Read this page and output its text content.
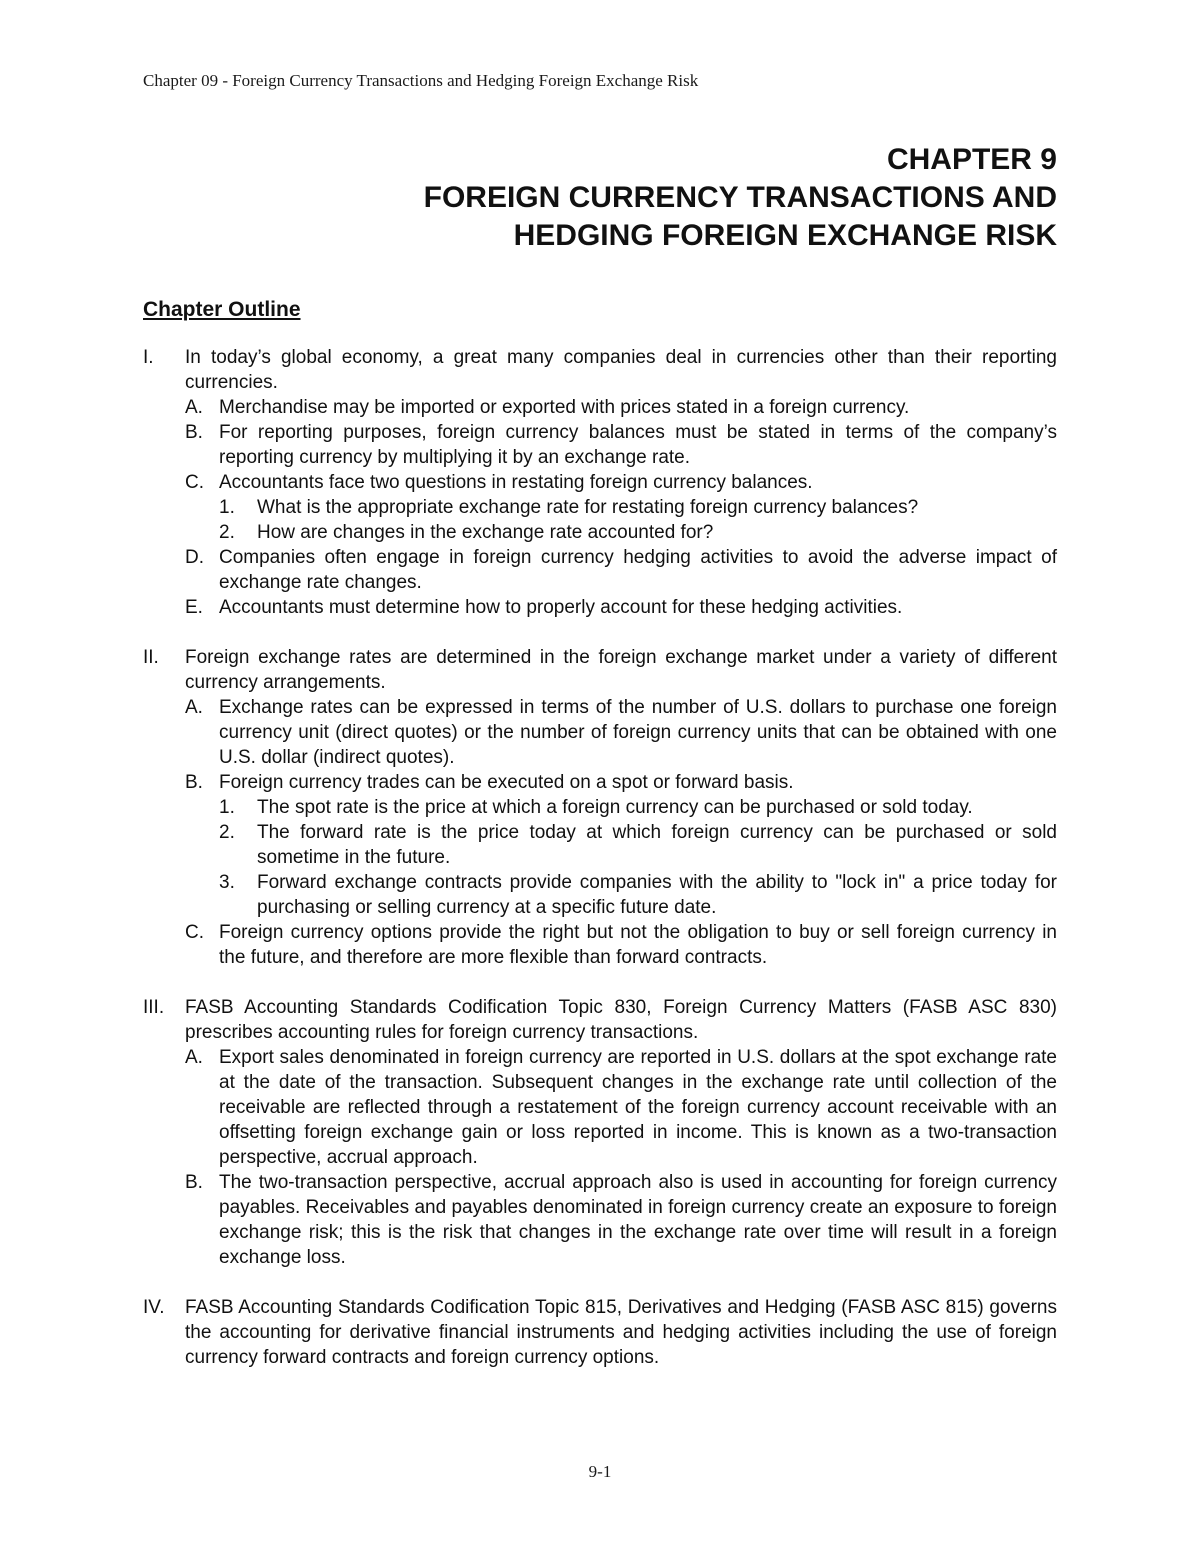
Chapter 09 - Foreign Currency Transactions and Hedging Foreign Exchange Risk
CHAPTER 9
FOREIGN CURRENCY TRANSACTIONS AND
HEDGING FOREIGN EXCHANGE RISK
Chapter Outline
I.	In today’s global economy, a great many companies deal in currencies other than their reporting currencies.
A. Merchandise may be imported or exported with prices stated in a foreign currency.
B. For reporting purposes, foreign currency balances must be stated in terms of the company’s reporting currency by multiplying it by an exchange rate.
C. Accountants face two questions in restating foreign currency balances.
1.	What is the appropriate exchange rate for restating foreign currency balances?
2.	How are changes in the exchange rate accounted for?
D. Companies often engage in foreign currency hedging activities to avoid the adverse impact of exchange rate changes.
E. Accountants must determine how to properly account for these hedging activities.
II.	Foreign exchange rates are determined in the foreign exchange market under a variety of different currency arrangements.
A. Exchange rates can be expressed in terms of the number of U.S. dollars to purchase one foreign currency unit (direct quotes) or the number of foreign currency units that can be obtained with one U.S. dollar (indirect quotes).
B. Foreign currency trades can be executed on a spot or forward basis.
1.	The spot rate is the price at which a foreign currency can be purchased or sold today.
2.	The forward rate is the price today at which foreign currency can be purchased or sold sometime in the future.
3.	Forward exchange contracts provide companies with the ability to "lock in" a price today for purchasing or selling currency at a specific future date.
C. Foreign currency options provide the right but not the obligation to buy or sell foreign currency in the future, and therefore are more flexible than forward contracts.
III.	FASB Accounting Standards Codification Topic 830, Foreign Currency Matters (FASB ASC 830) prescribes accounting rules for foreign currency transactions.
A. Export sales denominated in foreign currency are reported in U.S. dollars at the spot exchange rate at the date of the transaction. Subsequent changes in the exchange rate until collection of the receivable are reflected through a restatement of the foreign currency account receivable with an offsetting foreign exchange gain or loss reported in income. This is known as a two-transaction perspective, accrual approach.
B. The two-transaction perspective, accrual approach also is used in accounting for foreign currency payables. Receivables and payables denominated in foreign currency create an exposure to foreign exchange risk; this is the risk that changes in the exchange rate over time will result in a foreign exchange loss.
IV.	FASB Accounting Standards Codification Topic 815, Derivatives and Hedging (FASB ASC 815) governs the accounting for derivative financial instruments and hedging activities including the use of foreign currency forward contracts and foreign currency options.
9-1
